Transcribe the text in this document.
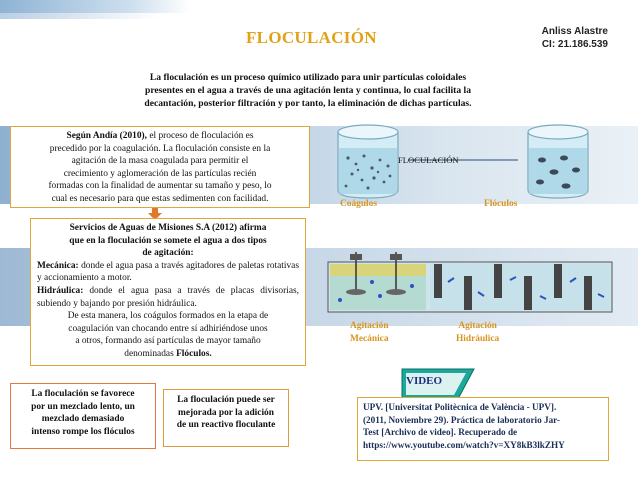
FLOCULACIÓN	Anliss Alastre
CI: 21.186.539
La floculación es un proceso químico utilizado para unir partículas coloidales
presentes en el agua a través de una agitación lenta y continua, lo cual facilita la
decantación, posterior filtración y por tanto, la eliminación de dichas partículas.
Según Andía (2010), el proceso de floculación es
precedido por la coagulación. La floculación consiste en la
agitación de la masa coagulada para permitir el
crecimiento y aglomeración de las partículas recién
formadas con la finalidad de aumentar su tamaño y peso, lo
cual es necesario para que estas sedimenten con facilidad.
Servicios de Aguas de Misiones S.A (2012) afirma
que en la floculación se somete el agua a dos tipos
de agitación:
Mecánica: donde el agua pasa a través agitadores de paletas rotativas y accionamiento a motor.
Hidráulica: donde el agua pasa a través de placas divisorias, subiendo y bajando por presión hidráulica.
De esta manera, los coágulos formados en la etapa de
coagulación van chocando entre sí adhiriéndose unos
a otros, formando así partículas de mayor tamaño
denominadas Flóculos.
FLOCULACIÓN
Coágulos	Flóculos
Agitación
Mecánica
Agitación
Hidráulica
La floculación se favorece
por un mezclado lento, un
mezclado demasiado
intenso rompe los flóculos
La floculación puede ser
mejorada por la adición
de un reactivo floculante
VIDEO
UPV. [Universitat Politècnica de València - UPV].
(2011, Noviembre 29). Práctica de laboratorio Jar-
Test [Archivo de video]. Recuperado de
https://www.youtube.com/watch?v=XY8kB3lkZHY
